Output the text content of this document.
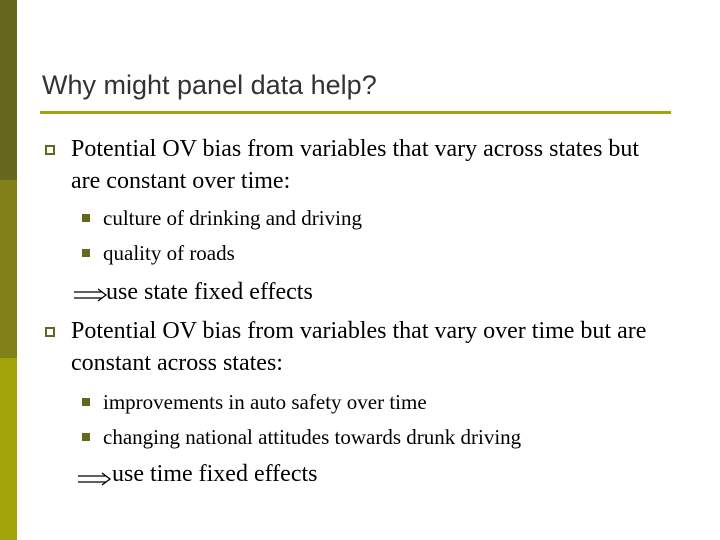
Why might panel data help?
Potential OV bias from variables that vary across states but are constant over time:
culture of drinking and driving
quality of roads
use state fixed effects
Potential OV bias from variables that vary over time but are constant across states:
improvements in auto safety over time
changing national attitudes towards drunk driving
use time fixed effects
